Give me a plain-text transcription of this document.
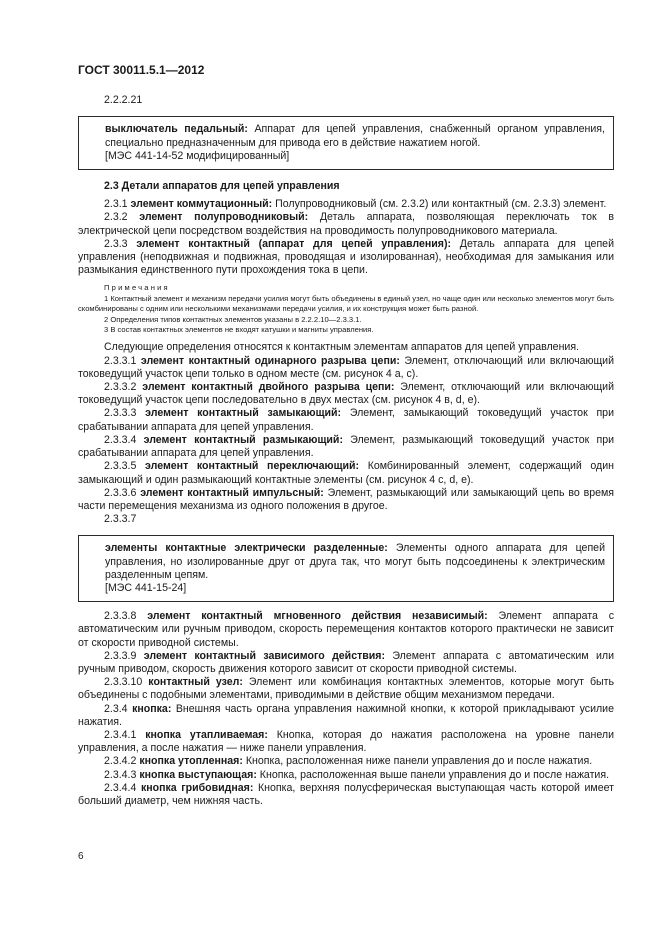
ГОСТ 30011.5.1—2012

2.2.2.21

выключатель педальный: Аппарат для цепей управления, снабженный органом управления, специально предназначенным для привода его в действие нажатием ногой.

[МЭС 441-14-52 модифицированный]

2.3 Детали аппаратов для цепей управления

2.3.1 элемент коммутационный: Полупроводниковый (см. 2.3.2) или контактный (см. 2.3.3) элемент.

2.3.2 элемент полупроводниковый: Деталь аппарата, позволяющая переключать ток в электрической цепи посредством воздействия на проводимость полупроводникового материала.

2.3.3 элемент контактный (аппарат для цепей управления): Деталь аппарата для цепей управления (неподвижная и подвижная, проводящая и изолированная), необходимая для замыкания или размыкания единственного пути прохождения тока в цепи.

Примечания

1 Контактный элемент и механизм передачи усилия могут быть объединены в единый узел, но чаще один или несколько элементов могут быть скомбинированы с одним или несколькими механизмами передачи усилия, и их конструкция может быть разной.

2 Определения типов контактных элементов указаны в 2.2.2.10—2.3.3.1.

3 В состав контактных элементов не входят катушки и магниты управления.

Следующие определения относятся к контактным элементам аппаратов для цепей управления.

2.3.3.1 элемент контактный одинарного разрыва цепи: Элемент, отключающий или включающий токоведущий участок цепи только в одном месте (см. рисунок 4 a, c).

2.3.3.2 элемент контактный двойного разрыва цепи: Элемент, отключающий или включающий токоведущий участок цепи последовательно в двух местах (см. рисунок 4 в, d, e).

2.3.3.3 элемент контактный замыкающий: Элемент, замыкающий токоведущий участок при срабатывании аппарата для цепей управления.

2.3.3.4 элемент контактный размыкающий: Элемент, размыкающий токоведущий участок при срабатывании аппарата для цепей управления.

2.3.3.5 элемент контактный переключающий: Комбинированный элемент, содержащий один замыкающий и один размыкающий контактные элементы (см. рисунок 4 c, d, e).

2.3.3.6 элемент контактный импульсный: Элемент, размыкающий или замыкающий цепь во время части перемещения механизма из одного положения в другое.

2.3.3.7

элементы контактные электрически разделенные: Элементы одного аппарата для цепей управления, но изолированные друг от друга так, что могут быть подсоединены к электрическим разделенным цепям.

[МЭС 441-15-24]

2.3.3.8 элемент контактный мгновенного действия независимый: Элемент аппарата с автоматическим или ручным приводом, скорость перемещения контактов которого практически не зависит от скорости приводной системы.

2.3.3.9 элемент контактный зависимого действия: Элемент аппарата с автоматическим или ручным приводом, скорость движения которого зависит от скорости приводной системы.

2.3.3.10 контактный узел: Элемент или комбинация контактных элементов, которые могут быть объединены с подобными элементами, приводимыми в действие общим механизмом передачи.

2.3.4 кнопка: Внешняя часть органа управления нажимной кнопки, к которой прикладывают усилие нажатия.

2.3.4.1 кнопка утапливаемая: Кнопка, которая до нажатия расположена на уровне панели управления, а после нажатия — ниже панели управления.

2.3.4.2 кнопка утопленная: Кнопка, расположенная ниже панели управления до и после нажатия.

2.3.4.3 кнопка выступающая: Кнопка, расположенная выше панели управления до и после нажатия.

2.3.4.4 кнопка грибовидная: Кнопка, верхняя полусферическая выступающая часть которой имеет больший диаметр, чем нижняя часть.

6
